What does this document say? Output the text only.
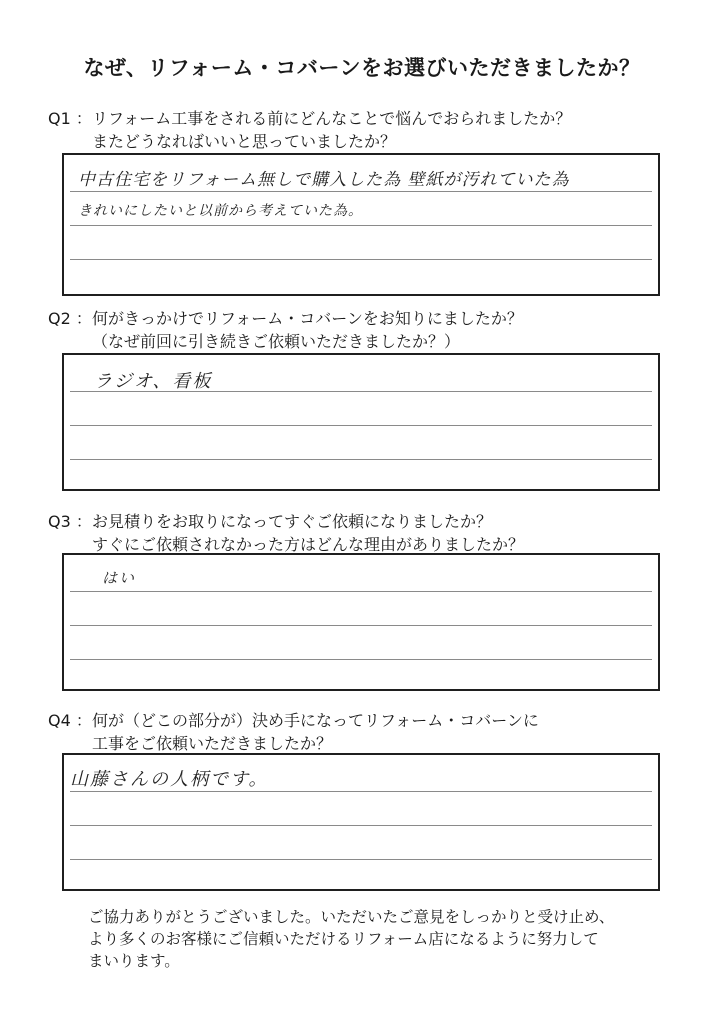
なぜ、リフォーム・コバーンをお選びいただきましたか？
Q1 ：リフォーム工事をされる前にどんなことで悩んでおられましたか？
またどうなればいいと思っていましたか？
中古住宅をリフォーム無しで購入した為 壁紙が汚れていた為
きれいにしたいと以前から考えていた為。
Q2 ：何がきっかけでリフォーム・コバーンをお知りにましたか？
（なぜ前回に引き続きご依頼いただきましたか？）
ラジオ、看板
Q3 ：お見積りをお取りになってすぐご依頼になりましたか？
すぐにご依頼されなかった方はどんな理由がありましたか？
はい
Q4 ：何が（どこの部分が）決め手になってリフォーム・コバーンに
工事をご依頼いただきましたか？
山藤さんの人柄です。
ご協力ありがとうございました。いただいたご意見をしっかりと受け止め、
より多くのお客様にご信頼いただけるリフォーム店になるように努力して
まいります。
